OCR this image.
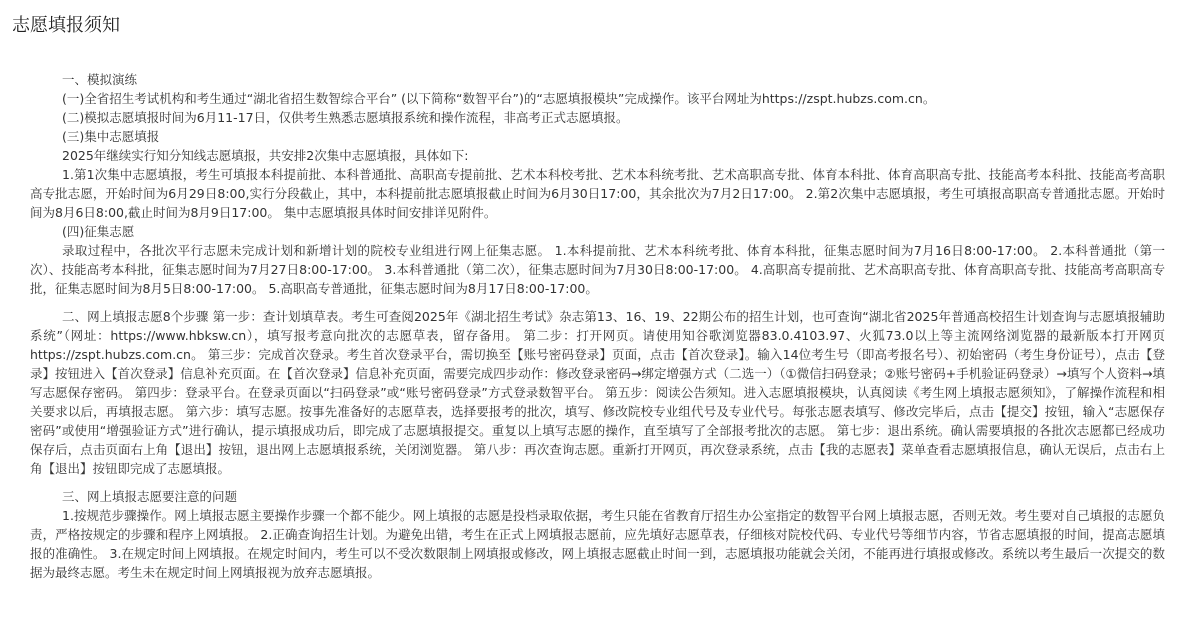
志愿填报须知

一、模拟演练

(一)全省招生考试机构和考生通过“湖北省招生数智综合平台” (以下简称“数智平台”)的“志愿填报模块”完成操作。该平台网址为https://zspt.hubzs.com.cn。

(二)模拟志愿填报时间为6月11-17日，仅供考生熟悉志愿填报系统和操作流程，非高考正式志愿填报。

(三)集中志愿填报

2025年继续实行知分知线志愿填报，共安排2次集中志愿填报，具体如下:

1.第1次集中志愿填报，考生可填报本科提前批、本科普通批、高职高专提前批、艺术本科校考批、艺术本科统考批、艺术高职高专批、体育本科批、体育高职高专批、技能高考本科批、技能高考高职高专批志愿，开始时间为6月29日8:00,实行分段截止，其中，本科提前批志愿填报截止时间为6月30日17:00，其余批次为7月2日17:00。 2.第2次集中志愿填报，考生可填报高职高专普通批志愿。开始时间为8月6日8:00,截止时间为8月9日17:00。 集中志愿填报具体时间安排详见附件。

(四)征集志愿

录取过程中，各批次平行志愿未完成计划和新增计划的院校专业组进行网上征集志愿。 1.本科提前批、艺术本科统考批、体育本科批，征集志愿时间为7月16日8:00-17:00。 2.本科普通批（第一次）、技能高考本科批，征集志愿时间为7月27日8:00-17:00。 3.本科普通批（第二次），征集志愿时间为7月30日8:00-17:00。 4.高职高专提前批、艺术高职高专批、体育高职高专批、技能高考高职高专批，征集志愿时间为8月5日8:00-17:00。 5.高职高专普通批，征集志愿时间为8月17日8:00-17:00。

二、网上填报志愿8个步骤 第一步：查计划填草表。考生可查阅2025年《湖北招生考试》杂志第13、16、19、22期公布的招生计划，也可查询“湖北省2025年普通高校招生计划查询与志愿填报辅助系统”（网址：https://www.hbksw.cn），填写报考意向批次的志愿草表，留存备用。 第二步：打开网页。请使用知谷歌浏览器83.0.4103.97、火狐73.0以上等主流网络浏览器的最新版本打开网页https://zspt.hubzs.com.cn。 第三步：完成首次登录。考生首次登录平台，需切换至【账号密码登录】页面，点击【首次登录】。输入14位考生号（即高考报名号）、初始密码（考生身份证号），点击【登录】按钮进入【首次登录】信息补充页面。在【首次登录】信息补充页面，需要完成四步动作：修改登录密码→绑定增强方式（二选一）（①微信扫码登录；②账号密码+手机验证码登录）→填写个人资料→填写志愿保存密码。 第四步：登录平台。在登录页面以“扫码登录”或“账号密码登录”方式登录数智平台。 第五步：阅读公告须知。进入志愿填报模块，认真阅读《考生网上填报志愿须知》，了解操作流程和相关要求以后，再填报志愿。 第六步：填写志愿。按事先准备好的志愿草表，选择要报考的批次，填写、修改院校专业组代号及专业代号。每张志愿表填写、修改完毕后，点击【提交】按钮，输入“志愿保存密码”或使用“增强验证方式”进行确认，提示填报成功后，即完成了志愿填报提交。重复以上填写志愿的操作，直至填写了全部报考批次的志愿。 第七步：退出系统。确认需要填报的各批次志愿都已经成功保存后，点击页面右上角【退出】按钮，退出网上志愿填报系统，关闭浏览器。 第八步：再次查询志愿。重新打开网页，再次登录系统，点击【我的志愿表】菜单查看志愿填报信息，确认无误后，点击右上角【退出】按钮即完成了志愿填报。

三、网上填报志愿要注意的问题

1.按规范步骤操作。网上填报志愿主要操作步骤一个都不能少。网上填报的志愿是投档录取依据，考生只能在省教育厅招生办公室指定的数智平台网上填报志愿，否则无效。考生要对自己填报的志愿负责，严格按规定的步骤和程序上网填报。 2.正确查询招生计划。为避免出错，考生在正式上网填报志愿前，应先填好志愿草表，仔细核对院校代码、专业代号等细节内容，节省志愿填报的时间，提高志愿填报的准确性。 3.在规定时间上网填报。在规定时间内，考生可以不受次数限制上网填报或修改，网上填报志愿截止时间一到，志愿填报功能就会关闭，不能再进行填报或修改。系统以考生最后一次提交的数据为最终志愿。考生未在规定时间上网填报视为放弃志愿填报。
